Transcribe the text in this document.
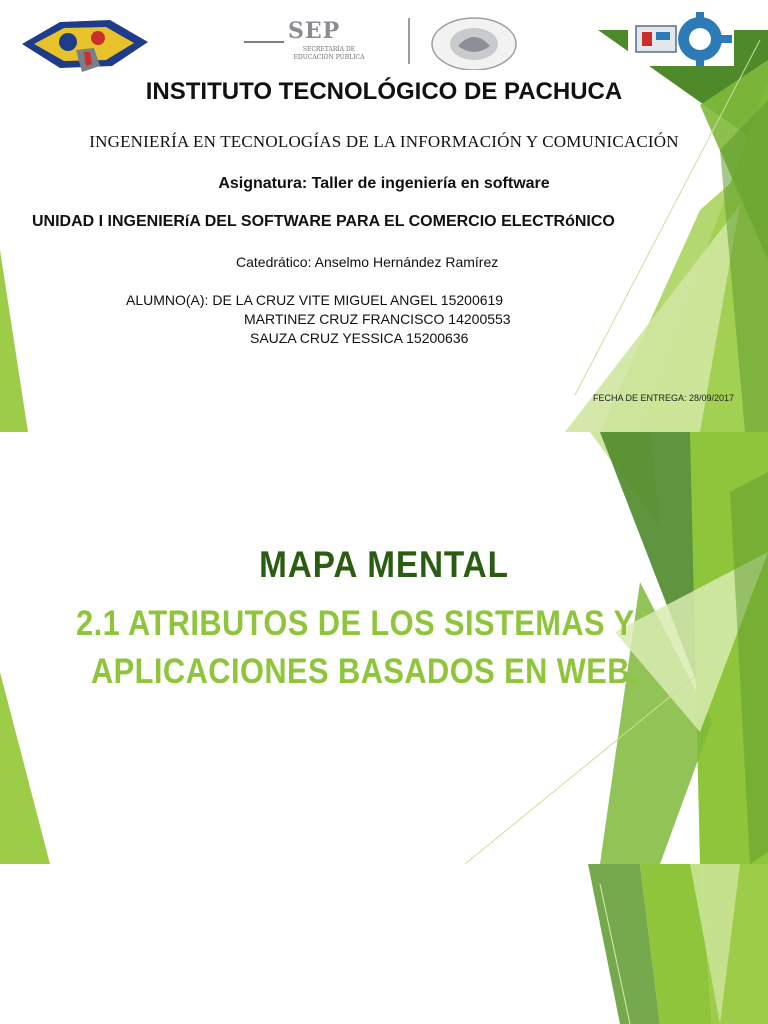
SEP
SECRETARÍA DE
EDUCACIÓN PÚBLICA
INSTITUTO TECNOLÓGICO DE PACHUCA
INGENIERÍA EN TECNOLOGÍAS DE LA INFORMACIÓN Y COMUNICACIÓN
Asignatura: Taller de ingeniería en software
UNIDAD I INGENIERíA DEL SOFTWARE PARA EL COMERCIO ELECTRóNICO
Catedrático: Anselmo Hernández Ramírez
ALUMNO(A): DE LA CRUZ VITE MIGUEL ANGEL 15200619
MARTINEZ CRUZ FRANCISCO 14200553
SAUZA CRUZ YESSICA 15200636
FECHA DE ENTREGA: 28/09/2017
MAPA MENTAL
2.1 ATRIBUTOS DE LOS SISTEMAS Y
APLICACIONES BASADOS EN WEB.
